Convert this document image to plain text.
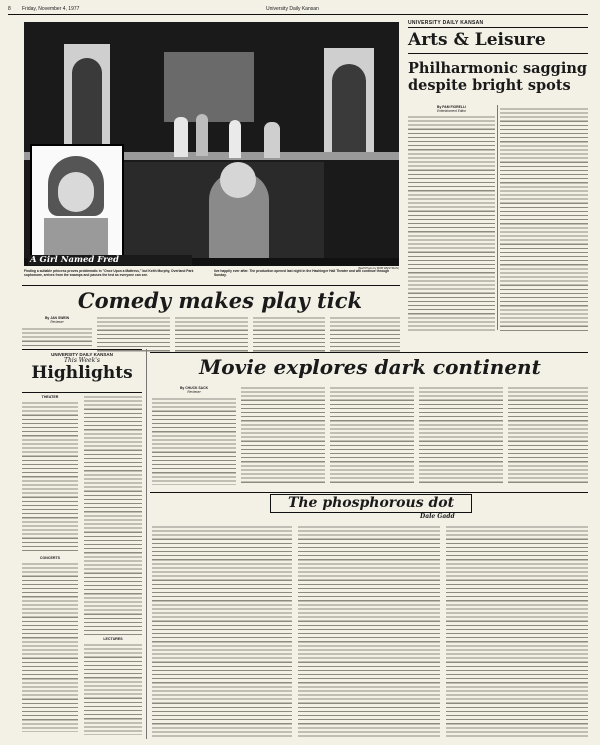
8 Friday, November 4, 1977	University Daily Kansan
A Girl Named Fred
(Staff Photo by BOB WESTMAN)
Finding a suitable princess proves problematic in "Once Upon a Mattress," but Keith Murphy, Overland Park sophomore, arrives from the swamps and passes the test as everyone can see.
live happily ever after. The production opened last night in the Hashinger Hall Theatre and will continue through Sunday.
UNIVERSITY DAILY KANSAN
Arts & Leisure
Philharmonic sagging despite bright spots
By PAM FIORELLI
Entertainment Editor
Comedy makes play tick
By JAN SWEIN
Reviewer
UNIVERSITY DAILY KANSAN
This Week's
Highlights
THEATER
CONCERTS
LECTURES
Movie explores dark continent
By CHUCK SACK
Reviewer
The phosphorous dot
Dale Gadd
